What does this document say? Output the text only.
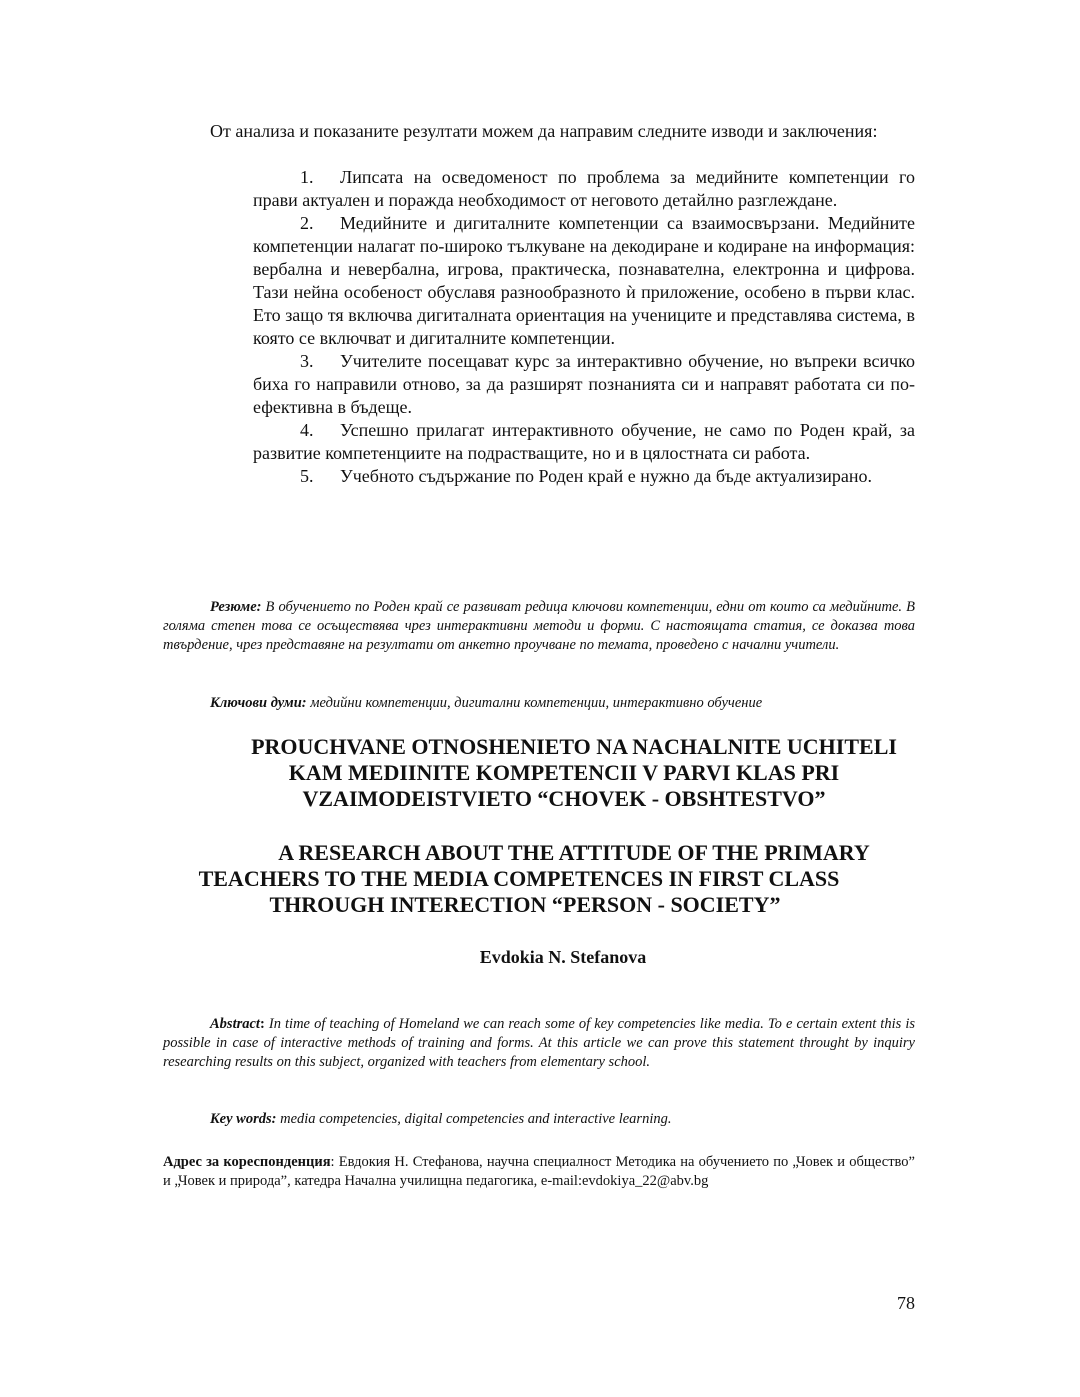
От анализа и показаните резултати можем да направим следните изводи и заключения:

1. Липсата на осведоменост по проблема за медийните компетенции го прави актуален и поражда необходимост от неговото детайлно разглеждане.

2. Медийните и дигиталните компетенции са взаимосвързани. Медийните компетенции налагат по-широко тълкуване на декодиране и кодиране на информация: вербална и невербална, игрова, практическа, познавателна, електронна и цифрова. Тази нейна особеност обуславя разнообразното ѝ приложение, особено в първи клас. Ето защо тя включва дигиталната ориентация на учениците и представлява система, в която се включват и дигиталните компетенции.

3. Учителите посещават курс за интерактивно обучение, но въпреки всичко биха го направили отново, за да разширят познанията си и направят работата си по-ефективна в бъдеще.

4. Успешно прилагат интерактивното обучение, не само по Роден край, за развитие компетенциите на подрастващите, но и в цялостната си работа.

5. Учебното съдържание по Роден край е нужно да бъде актуализирано.

Резюме: В обучението по Роден край се развиват редица ключови компетенции, едни от които са медийните. В голяма степен това се осъществява чрез интерактивни методи и форми. С настоящата статия, се доказва това твърдение, чрез представяне на резултати от анкетно проучване по темата, проведено с начални учители.

Ключови думи: медийни компетенции, дигитални компетенции, интерактивно обучение

PROUCHVANE OTNOSHENIETO NA NACHALNITE UCHITELI
KAM MEDIINITE KOMPETENCII V PARVI KLAS PRI
VZAIMODEISTVIETO “CHOVEK - OBSHTESTVO”
A RESEARCH ABOUT THE ATTITUDE OF THE PRIMARY
TEACHERS TO THE MEDIA COMPETENCES IN FIRST CLASS
THROUGH INTERECTION “PERSON - SOCIETY”
Evdokia N. Stefanova

Abstract: In time of teaching of Homeland we can reach some of key competencies like media. To e certain extent this is possible in case of interactive methods of training and forms. At this article we can prove this statement throught by inquiry researching results on this subject, organized with teachers from elementary school.

Key words: media competencies, digital competencies and interactive learning.

Адрес за кореспонденция: Евдокия Н. Стефанова, научна специалност Методика на обучението по „Човек и общество” и „Човек и природа”, катедра Начална училищна педагогика, e-mail:evdokiya_22@abv.bg

78
